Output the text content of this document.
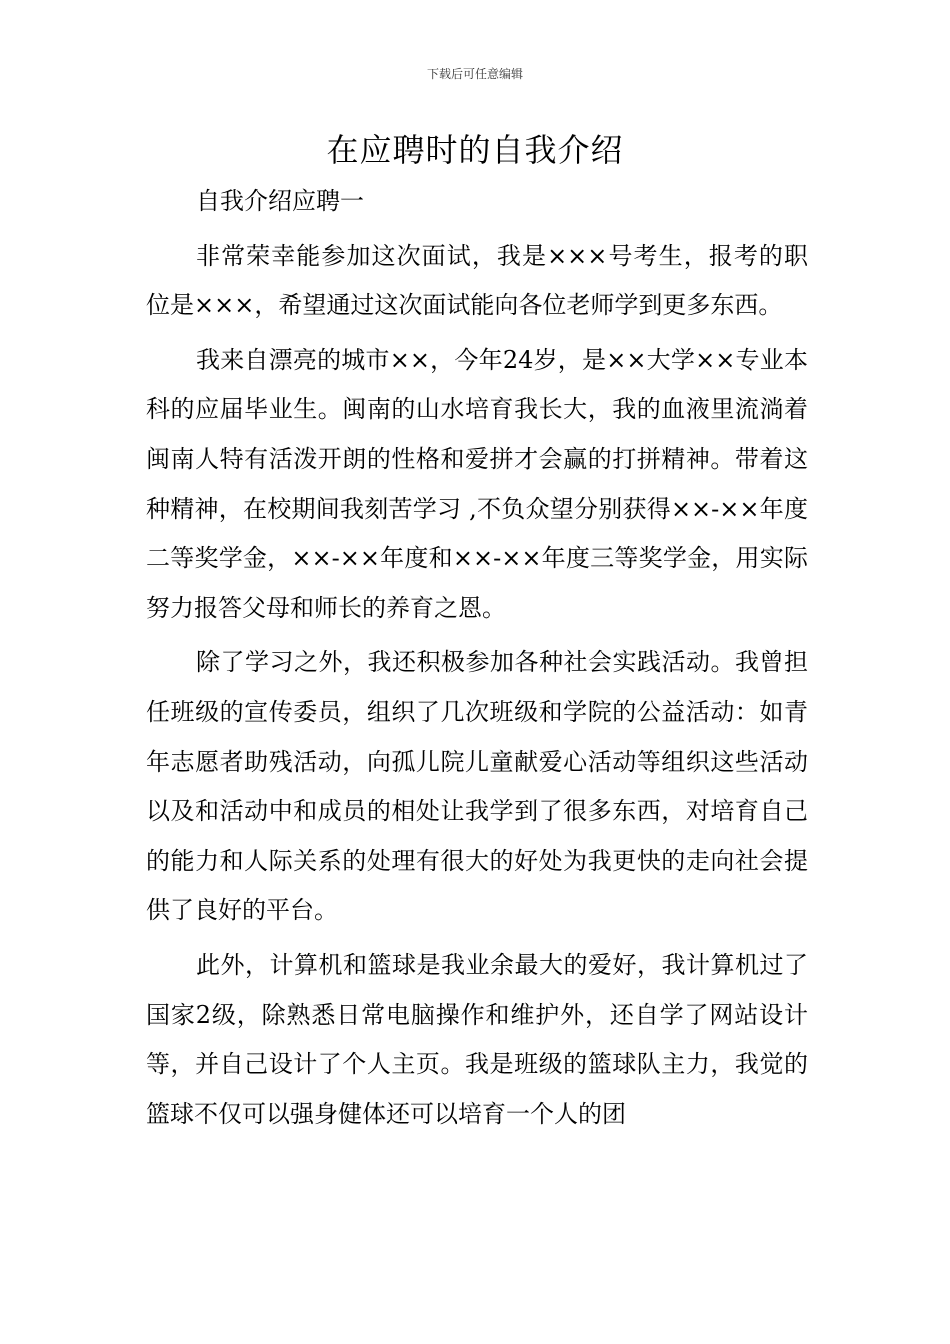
下载后可任意编辑
在应聘时的自我介绍

自我介绍应聘一

非常荣幸能参加这次面试，我是×××号考生，报考的职位是×××，希望通过这次面试能向各位老师学到更多东西。

我来自漂亮的城市××，今年24岁，是××大学××专业本科的应届毕业生。闽南的山水培育我长大，我的血液里流淌着闽南人特有活泼开朗的性格和爱拼才会赢的打拼精神。带着这种精神，在校期间我刻苦学习 ,不负众望分别获得××-××年度二等奖学金，××-××年度和××-××年度三等奖学金，用实际努力报答父母和师长的养育之恩。

除了学习之外，我还积极参加各种社会实践活动。我曾担任班级的宣传委员，组织了几次班级和学院的公益活动：如青年志愿者助残活动，向孤儿院儿童献爱心活动等组织这些活动以及和活动中和成员的相处让我学到了很多东西，对培育自己的能力和人际关系的处理有很大的好处为我更快的走向社会提供了良好的平台。

此外，计算机和篮球是我业余最大的爱好，我计算机过了国家2级，除熟悉日常电脑操作和维护外，还自学了网站设计等，并自己设计了个人主页。我是班级的篮球队主力，我觉的篮球不仅可以强身健体还可以培育一个人的团
